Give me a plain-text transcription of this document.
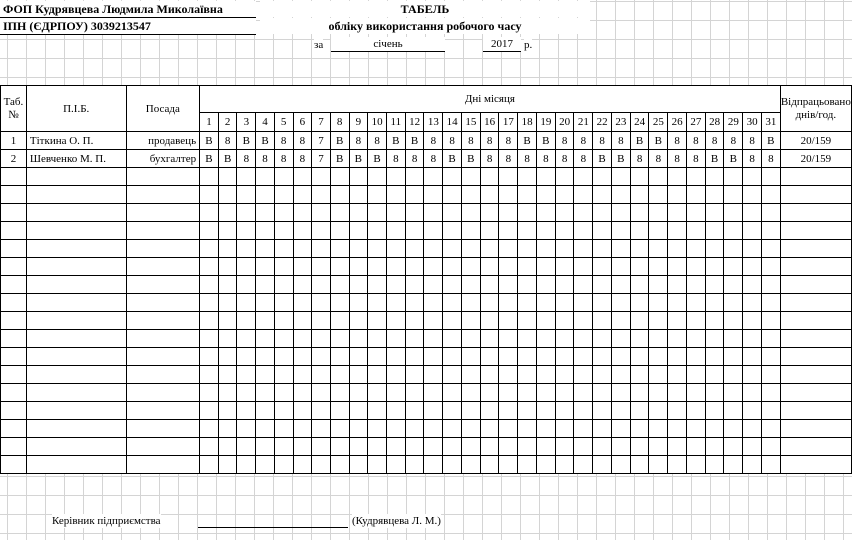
ФОП Кудрявцева Людмила Миколаївна
ІПН (ЄДРПОУ) 3039213547
ТАБЕЛЬ
обліку використання робочого часу
за	січень	2017	р.
Таб. №	П.І.Б.	Посада	Дні місяця																															Відпрацьовано днів/год.
			1	2	3	4	5	6	7	8	9	10	11	12	13	14	15	16	17	18	19	20	21	22	23	24	25	26	27	28	29	30	31	
1	Тіткина О. П.	продавець	В	8	В	В	8	8	7	В	8	8	В	В	8	8	8	8	8	В	В	8	8	8	8	В	В	8	8	8	8	8	В	20/159
2	Шевченко М. П.	бухгалтер	В	В	8	8	8	8	7	В	В	В	8	8	8	В	В	8	8	8	8	8	8	В	В	8	8	8	8	В	В	8	8	20/159

Керівник підприємства	(Кудрявцева Л. М.)
